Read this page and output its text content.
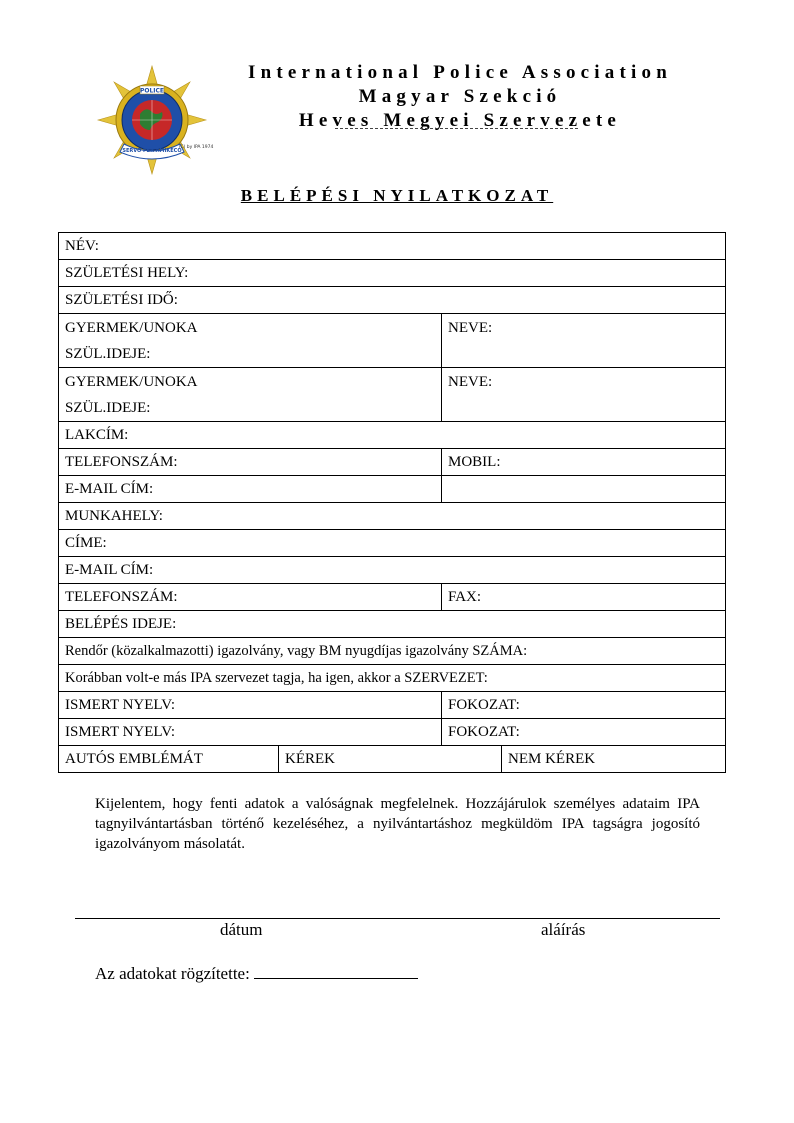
POLICE
SERVO PER AMIKECO
(C) by IPA 1974
International Police Association
Magyar Szekció
Heves Megyei Szervezete
BELÉPÉSI NYILATKOZAT
NÉV:			
SZÜLETÉSI HELY:			
SZÜLETÉSI IDŐ:			

GYERMEK/UNOKA
SZÜL.IDEJE:		NEVE:	

GYERMEK/UNOKA
SZÜL.IDEJE:		NEVE:	
LAKCÍM:			
TELEFONSZÁM:		MOBIL:	
E-MAIL CÍM:			
MUNKAHELY:			
CÍME:			
E-MAIL CÍM:			
TELEFONSZÁM:		FAX:	
BELÉPÉS IDEJE:			
Rendőr (közalkalmazotti) igazolvány, vagy BM nyugdíjas igazolvány SZÁMA:			
Korábban volt-e más IPA szervezet tagja, ha igen, akkor a SZERVEZET:			
ISMERT NYELV:		FOKOZAT:	
ISMERT NYELV:		FOKOZAT:	
AUTÓS EMBLÉMÁT	KÉREK		NEM KÉREK
Kijelentem, hogy fenti adatok a valóságnak megfelelnek. Hozzájárulok személyes adataim IPA tagnyilvántartásban történő kezeléséhez, a nyilvántartáshoz megküldöm IPA tagságra jogosító igazolványom másolatát.
dátum	aláírás
Az adatokat rögzítette:
